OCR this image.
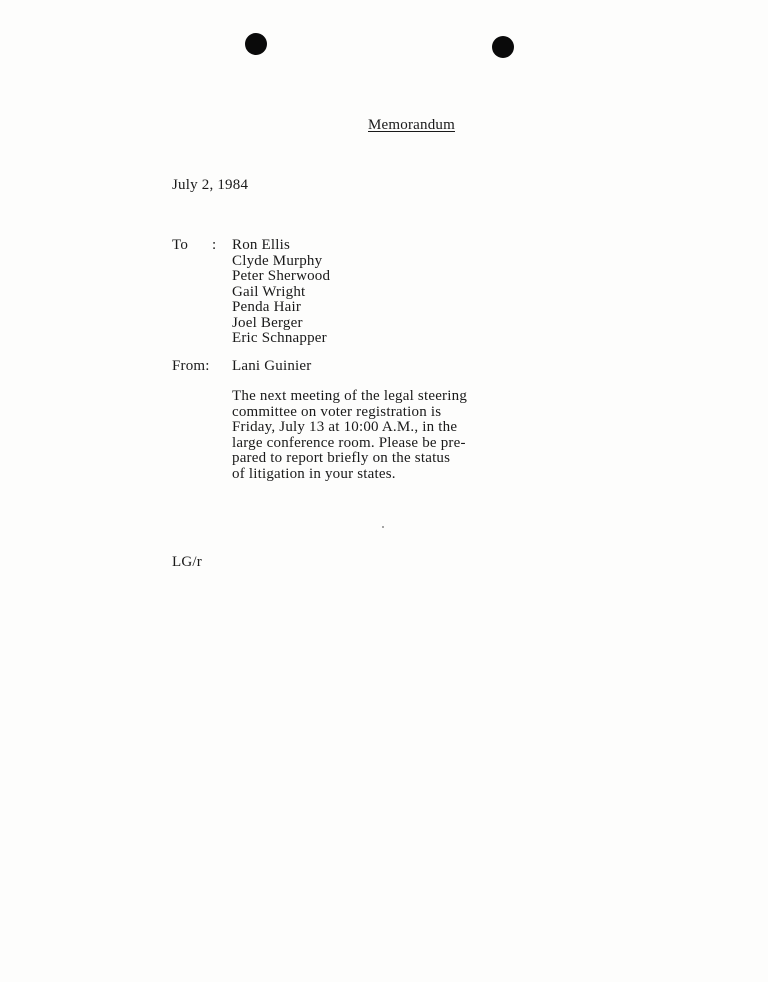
Memorandum
July 2, 1984
To : Ron Ellis
Clyde Murphy
Peter Sherwood
Gail Wright
Penda Hair
Joel Berger
Eric Schnapper
From: Lani Guinier

The next meeting of the legal steering
committee on voter registration is
Friday, July 13 at 10:00 A.M., in the
large conference room. Please be pre-
pared to report briefly on the status
of litigation in your states.

LG/r
